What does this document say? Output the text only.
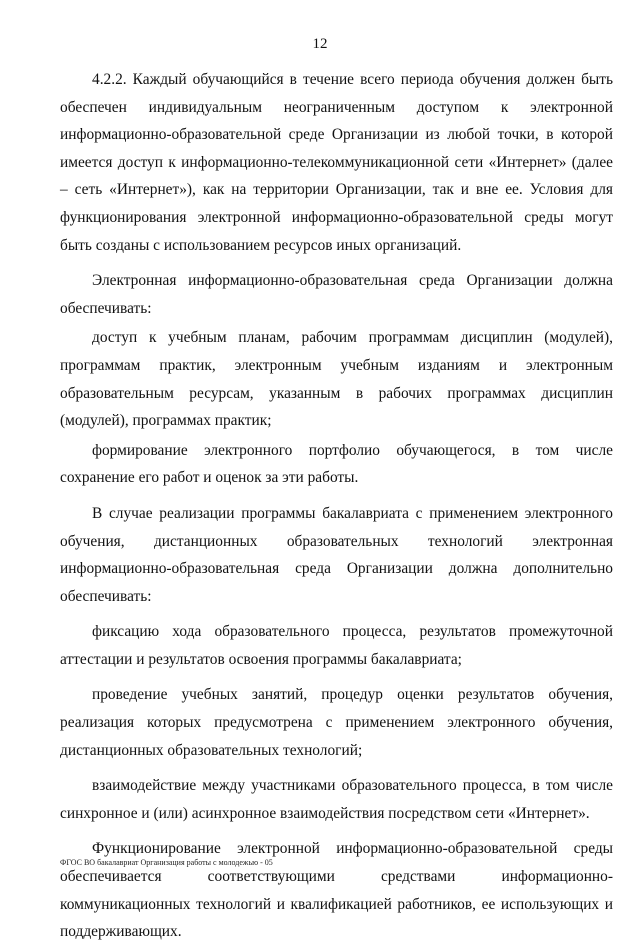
12

4.2.2. Каждый обучающийся в течение всего периода обучения должен быть обеспечен индивидуальным неограниченным доступом к электронной информационно-образовательной среде Организации из любой точки, в которой имеется доступ к информационно-телекоммуникационной сети «Интернет» (далее – сеть «Интернет»), как на территории Организации, так и вне ее. Условия для функционирования электронной информационно-образовательной среды могут быть созданы с использованием ресурсов иных организаций.

Электронная информационно-образовательная среда Организации должна обеспечивать:

доступ к учебным планам, рабочим программам дисциплин (модулей), программам практик, электронным учебным изданиям и электронным образовательным ресурсам, указанным в рабочих программах дисциплин (модулей), программах практик;

формирование электронного портфолио обучающегося, в том числе сохранение его работ и оценок за эти работы.

В случае реализации программы бакалавриата с применением электронного обучения, дистанционных образовательных технологий электронная информационно-образовательная среда Организации должна дополнительно обеспечивать:

фиксацию хода образовательного процесса, результатов промежуточной аттестации и результатов освоения программы бакалавриата;

проведение учебных занятий, процедур оценки результатов обучения, реализация которых предусмотрена с применением электронного обучения, дистанционных образовательных технологий;

взаимодействие между участниками образовательного процесса, в том числе синхронное и (или) асинхронное взаимодействия посредством сети «Интернет».

Функционирование электронной информационно-образовательной среды обеспечивается соответствующими средствами информационно-коммуникационных технологий и квалификацией работников, ее использующих и поддерживающих.

ФГОС ВО бакалавриат Организация работы с молодежью - 05
